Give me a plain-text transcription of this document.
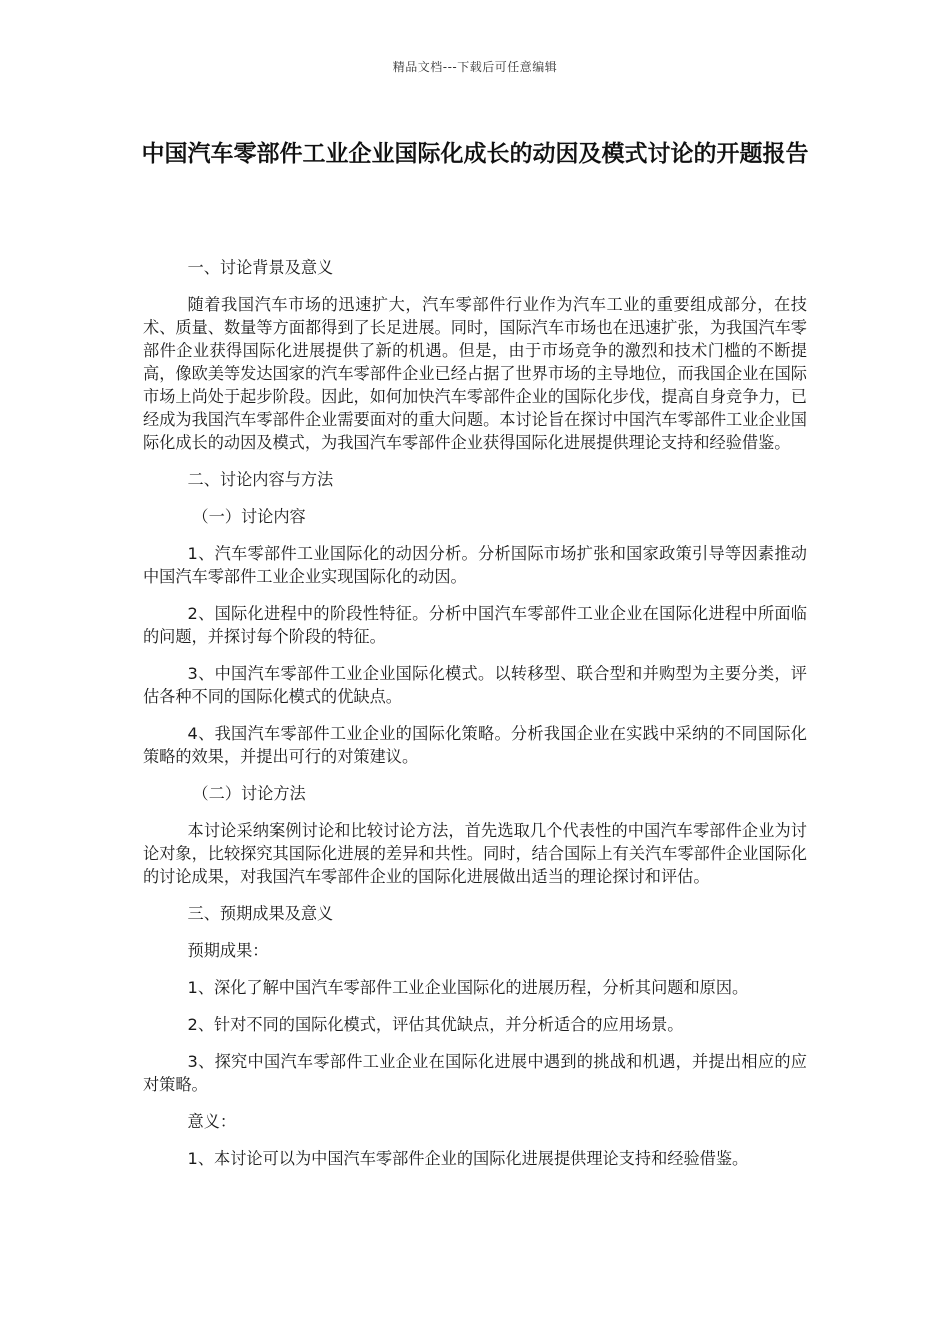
精品文档---下载后可任意编辑
中国汽车零部件工业企业国际化成长的动因及模式讨论的开题报告

一、讨论背景及意义

随着我国汽车市场的迅速扩大，汽车零部件行业作为汽车工业的重要组成部分，在技术、质量、数量等方面都得到了长足进展。同时，国际汽车市场也在迅速扩张，为我国汽车零部件企业获得国际化进展提供了新的机遇。但是，由于市场竞争的激烈和技术门槛的不断提高，像欧美等发达国家的汽车零部件企业已经占据了世界市场的主导地位，而我国企业在国际市场上尚处于起步阶段。因此，如何加快汽车零部件企业的国际化步伐，提高自身竞争力，已经成为我国汽车零部件企业需要面对的重大问题。本讨论旨在探讨中国汽车零部件工业企业国际化成长的动因及模式，为我国汽车零部件企业获得国际化进展提供理论支持和经验借鉴。

二、讨论内容与方法

（一）讨论内容

1、汽车零部件工业国际化的动因分析。分析国际市场扩张和国家政策引导等因素推动中国汽车零部件工业企业实现国际化的动因。

2、国际化进程中的阶段性特征。分析中国汽车零部件工业企业在国际化进程中所面临的问题，并探讨每个阶段的特征。

3、中国汽车零部件工业企业国际化模式。以转移型、联合型和并购型为主要分类，评估各种不同的国际化模式的优缺点。

4、我国汽车零部件工业企业的国际化策略。分析我国企业在实践中采纳的不同国际化策略的效果，并提出可行的对策建议。

（二）讨论方法

本讨论采纳案例讨论和比较讨论方法，首先选取几个代表性的中国汽车零部件企业为讨论对象，比较探究其国际化进展的差异和共性。同时，结合国际上有关汽车零部件企业国际化的讨论成果，对我国汽车零部件企业的国际化进展做出适当的理论探讨和评估。

三、预期成果及意义

预期成果：

1、深化了解中国汽车零部件工业企业国际化的进展历程，分析其问题和原因。

2、针对不同的国际化模式，评估其优缺点，并分析适合的应用场景。

3、探究中国汽车零部件工业企业在国际化进展中遇到的挑战和机遇，并提出相应的应对策略。

意义：

1、本讨论可以为中国汽车零部件企业的国际化进展提供理论支持和经验借鉴。
